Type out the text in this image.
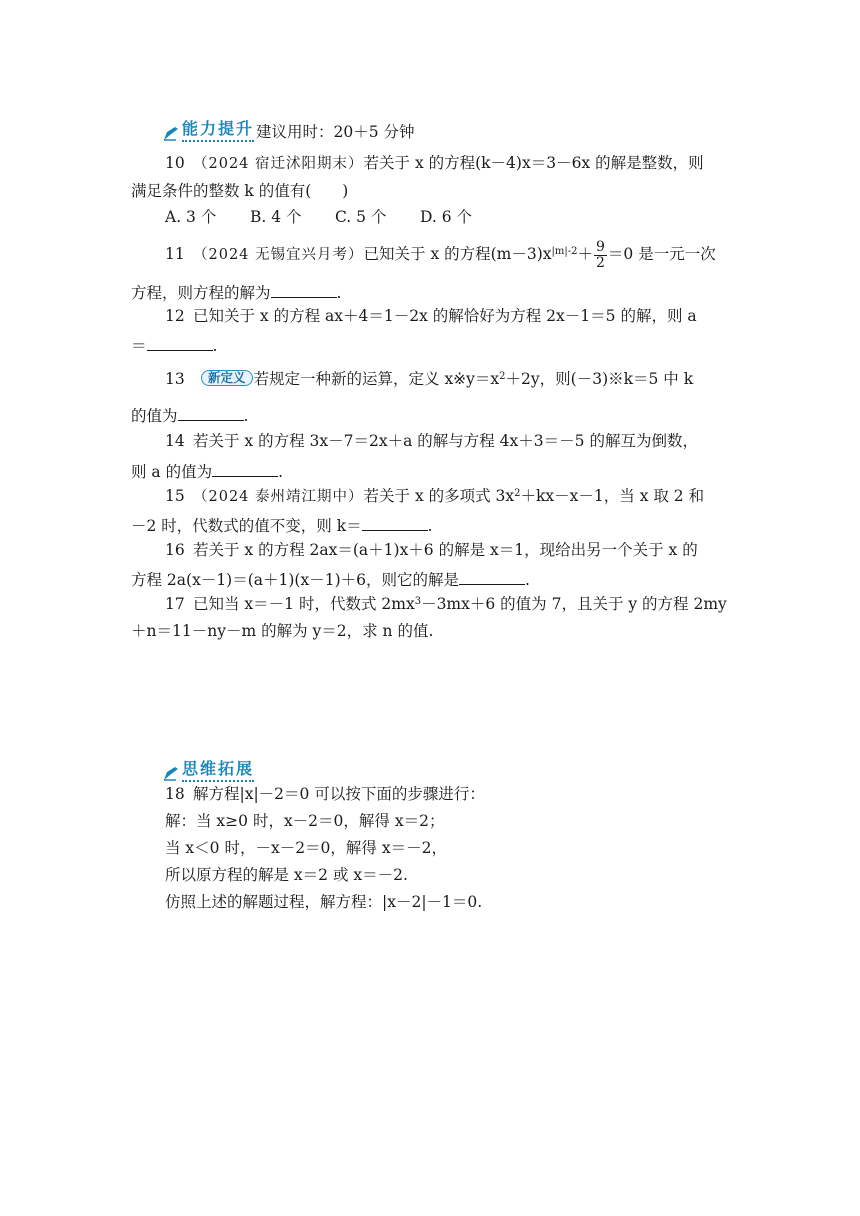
能力提升 建议用时：20＋5 分钟
10 （2024 宿迁沭阳期末）若关于 x 的方程(k－4)x＝3－6x 的解是整数，则
满足条件的整数 k 的值有(　　)
A. 3 个 B. 4 个 C. 5 个 D. 6 个
11 （2024 无锡宜兴月考）已知关于 x 的方程$(m-3)x^{|m|-2}+ \frac{9}{2} =0$ 是一元一次
方程，则方程的解为	.
12 已知关于 x 的方程 ax＋4＝1－2x 的解恰好为方程 2x－1＝5 的解，则 a
＝	.
13 新定义 若规定一种新的运算，定义 $x※y=x^2+2y$，则(－3)※k＝5 中 k
的值为	.
14 若关于 x 的方程 3x－7＝2x＋a 的解与方程 4x＋3＝－5 的解互为倒数，
则 a 的值为	.
15 （2024 泰州靖江期中）若关于 x 的多项式 $3x^2+kx-x-1$，当 x 取 2 和
－2 时，代数式的值不变，则 k＝	.
16 若关于 x 的方程 2ax＝(a＋1)x＋6 的解是 x＝1，现给出另一个关于 x 的
方程 2a(x－1)＝(a＋1)(x－1)＋6，则它的解是	.
17 已知当 x＝－1 时，代数式 $2mx^3-3mx+6$ 的值为 7，且关于 y 的方程 2my
＋n＝11－ny－m 的解为 y＝2，求 n 的值.
思维拓展
18 解方程|x|－2＝0 可以按下面的步骤进行：
解：当 x≥0 时，x－2＝0，解得 x＝2；
当 x＜0 时，－x－2＝0，解得 x＝－2，
所以原方程的解是 x＝2 或 x＝－2.
仿照上述的解题过程，解方程：|x－2|－1＝0.
